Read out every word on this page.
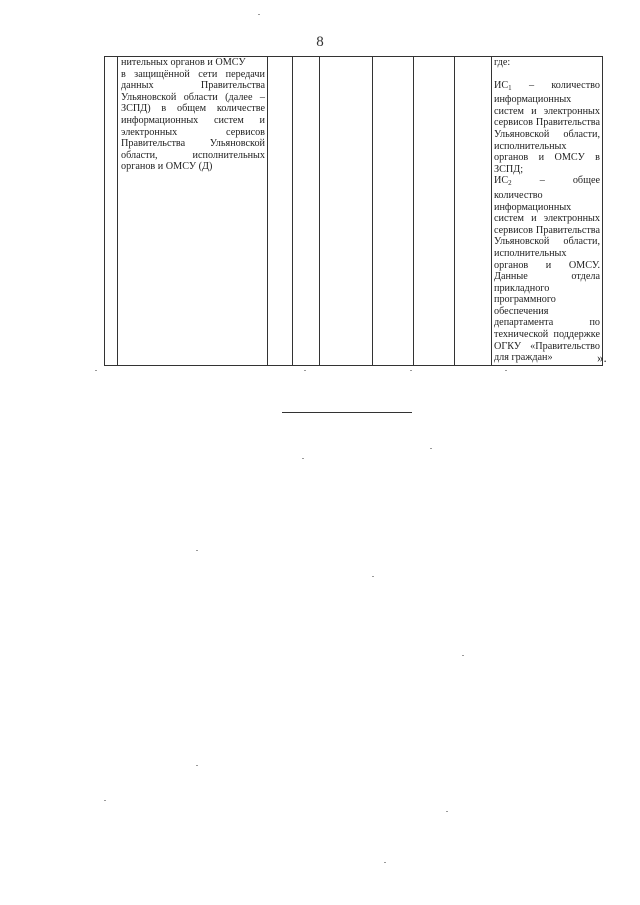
8

нительных органов и ОМСУ
в защищённой сети передачи данных Правительства Ульяновской области (далее – ЗСПД) в общем количестве информационных систем и электронных сервисов Правительства Ульяновской области, исполнительных органов и ОМСУ (Д)

где:
$ИС_1$ – количество информационных систем и электронных сервисов Правительства Ульяновской области, исполнительных органов и ОМСУ в ЗСПД;
$ИС_2$ – общее количество информационных систем и электронных сервисов Правительства Ульяновской области, исполнительных органов и ОМСУ. Данные отдела прикладного программного обеспечения департамента по технической поддержке ОГКУ «Правительство для граждан»	».
